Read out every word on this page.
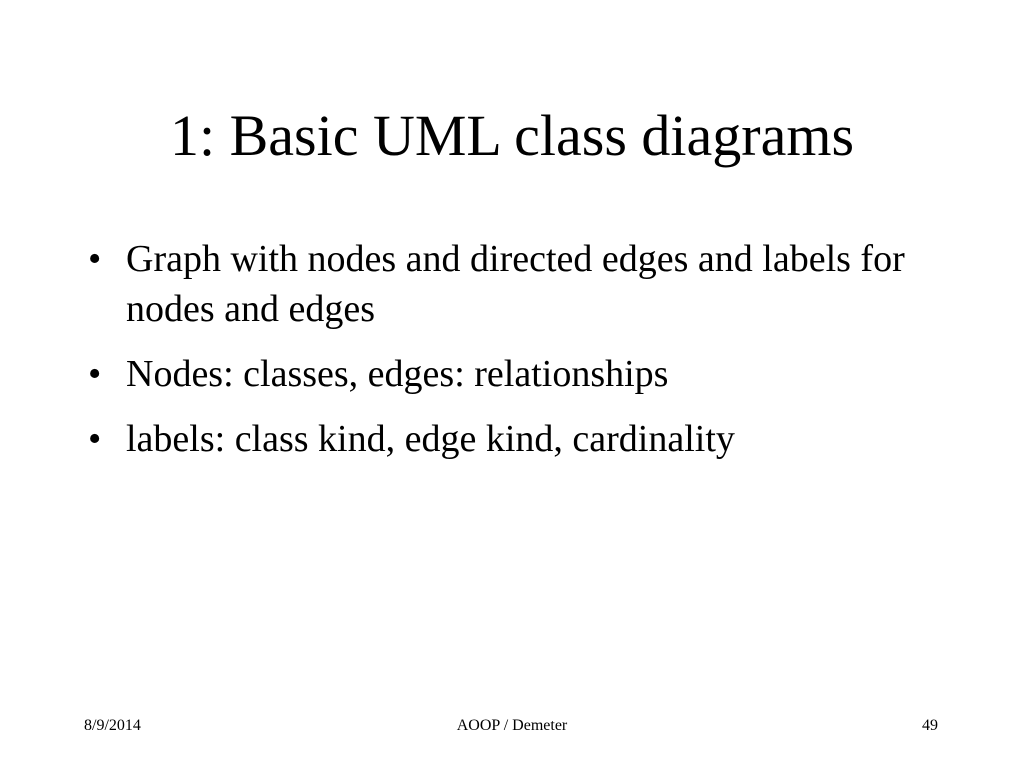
1: Basic UML class diagrams
• Graph with nodes and directed edges and labels for nodes and edges
• Nodes: classes, edges: relationships
• labels: class kind, edge kind, cardinality
8/9/2014	AOOP / Demeter	49
